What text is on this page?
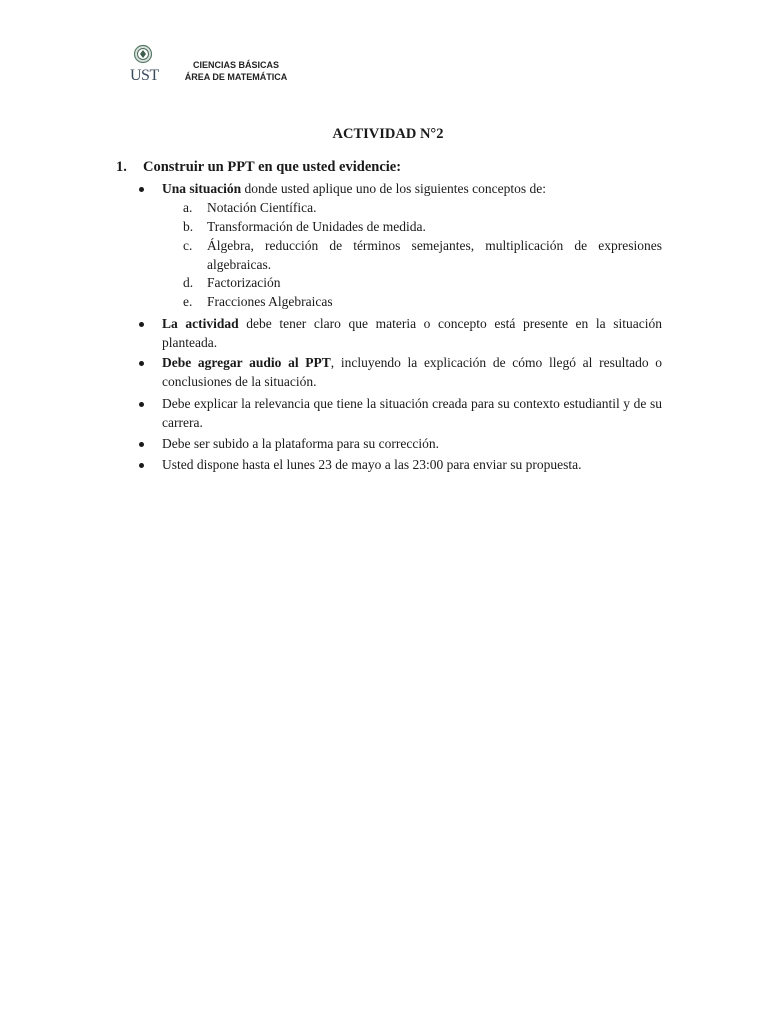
UST
CIENCIAS BÁSICAS
ÁREA DE MATEMÁTICA
ACTIVIDAD N°2
1. Construir un PPT en que usted evidencie:
Una situación donde usted aplique uno de los siguientes conceptos de:
a. Notación Científica.
b. Transformación de Unidades de medida.
c. Álgebra, reducción de términos semejantes, multiplicación de expresiones algebraicas.
d. Factorización
e. Fracciones Algebraicas
La actividad debe tener claro que materia o concepto está presente en la situación planteada.
Debe agregar audio al PPT, incluyendo la explicación de cómo llegó al resultado o conclusiones de la situación.
Debe explicar la relevancia que tiene la situación creada para su contexto estudiantil y de su carrera.
Debe ser subido a la plataforma para su corrección.
Usted dispone hasta el lunes 23 de mayo a las 23:00 para enviar su propuesta.
